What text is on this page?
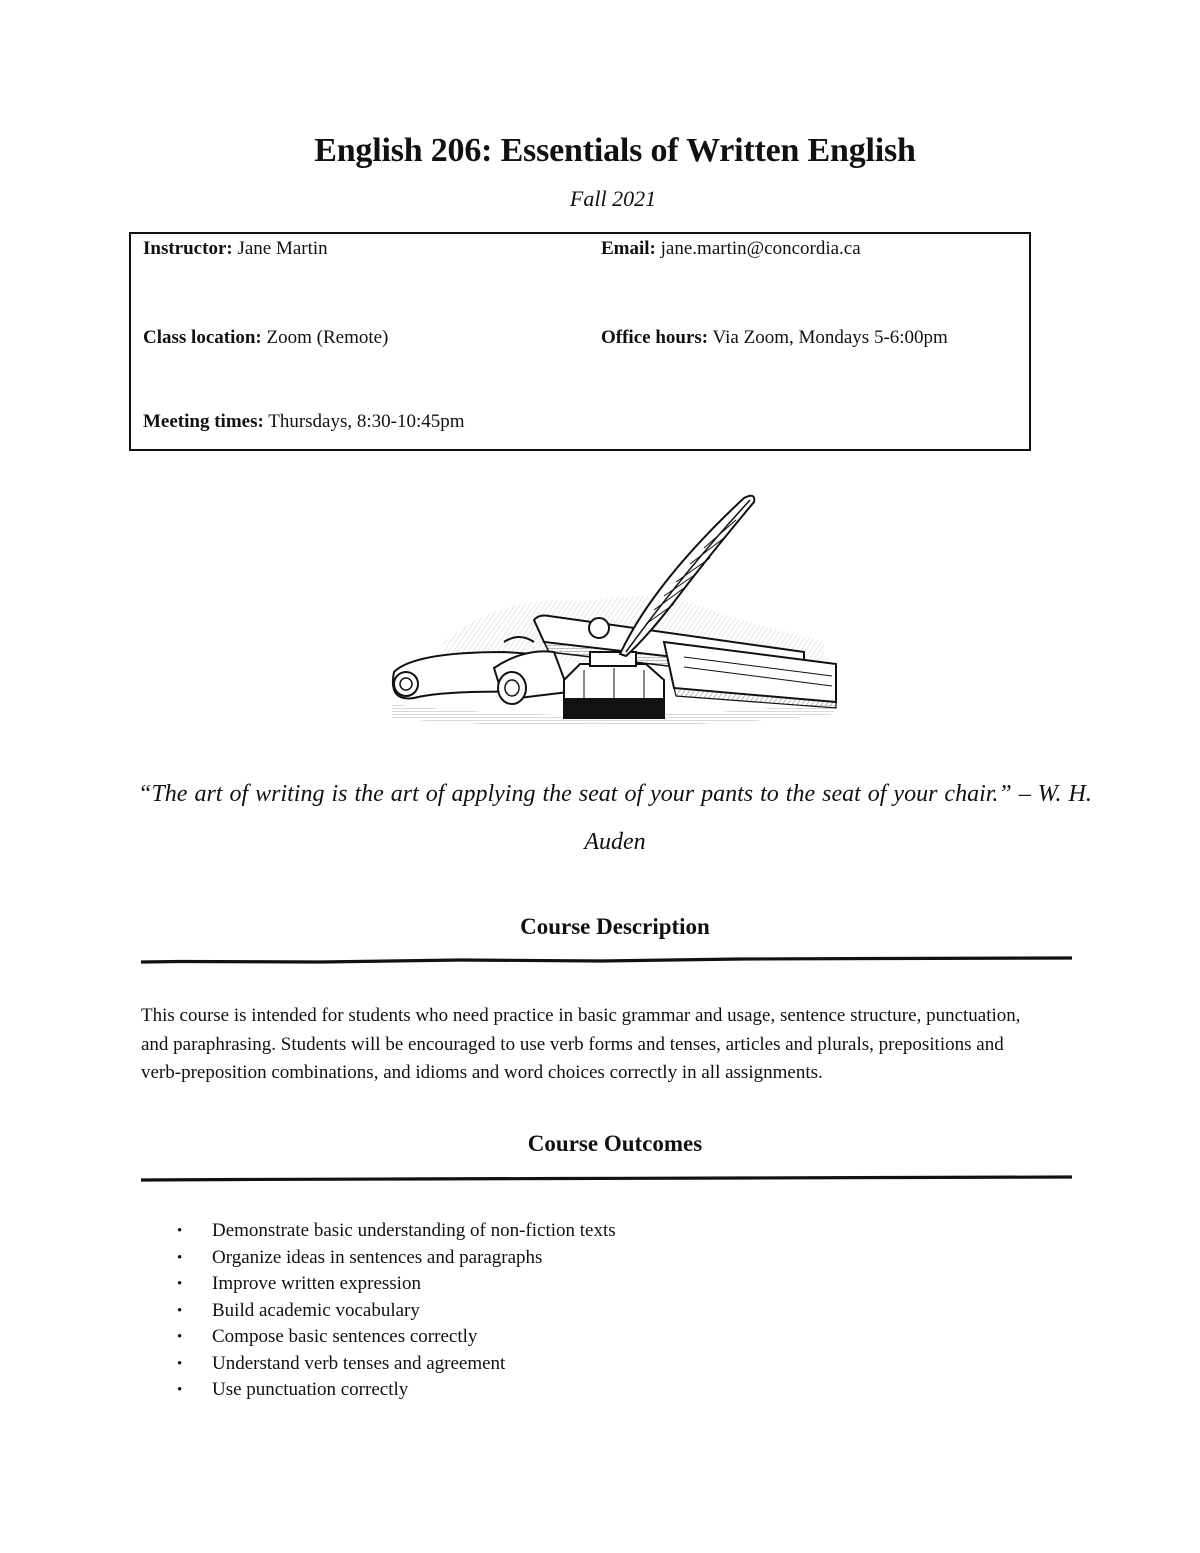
English 206: Essentials of Written English
Fall 2021
Instructor: Jane Martin	Email: jane.martin@concordia.ca
Class location: Zoom (Remote)	Office hours: Via Zoom, Mondays 5-6:00pm
Meeting times: Thursdays, 8:30-10:45pm
“The art of writing is the art of applying the seat of your pants to the seat of your chair.” – W. H. Auden
Course Description
This course is intended for students who need practice in basic grammar and usage, sentence structure, punctuation, and paraphrasing. Students will be encouraged to use verb forms and tenses, articles and plurals, prepositions and verb-preposition combinations, and idioms and word choices correctly in all assignments.
Course Outcomes
• Demonstrate basic understanding of non-fiction texts
• Organize ideas in sentences and paragraphs
• Improve written expression
• Build academic vocabulary
• Compose basic sentences correctly
• Understand verb tenses and agreement
• Use punctuation correctly
